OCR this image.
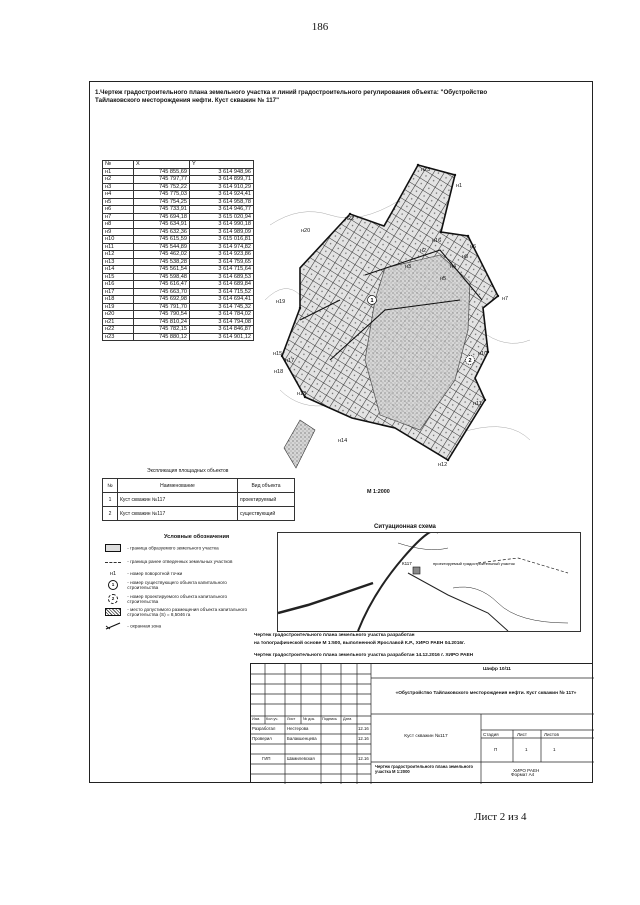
186
1.Чертеж градостроительного плана земельного участка и линий градостроительного регулирования объекта: "Обустройство Тайлаковского месторождения нефти. Куст скважин № 117"
№	X	Y
н1	745 855,69	3 614 948,96
н2	745 797,77	3 614 899,71
н3	745 752,22	3 614 910,29
н4	745 775,03	3 614 924,41
н5	745 754,25	3 614 958,78
н6	745 733,91	3 614 946,77
н7	745 694,18	3 615 020,94
н8	745 634,91	3 614 990,18
н9	745 632,36	3 614 989,09
н10	745 615,59	3 615 016,81
н11	745 544,89	3 614 974,82
н12	745 462,02	3 614 923,86
н13	745 538,28	3 614 759,65
н14	745 561,54	3 614 715,64
н15	745 598,48	3 614 689,53
н16	745 616,47	3 614 689,84
н17	745 663,70	3 614 715,52
н18	745 692,98	3 614 694,41
н19	745 791,70	3 614 745,32
н20	745 790,54	3 614 784,02
н21	745 810,24	3 614 794,08
н22	745 782,15	3 614 846,87
н23	745 880,12	3 614 901,12
н23
н1
н22
н20
н16
н8
н4
н7
н19
н5
н10
н15
н17
н13
н11
н12
н18
н2
н3
н6
н14
1
2
М 1:2000
Экспликация площадных объектов
№	Наименование	Вид объекта
1	Куст скважин №117	проектируемый
2	Куст скважин №117	существующий
Условные обозначения
- граница образуемого земельного участка
- граница ранее отведенных земельных участков
н1 - номер поворотной точки
1	- номер существующего объекта капитального строительства
2	- номер проектируемого объекта капитального строительства
- место допустимого размещения объекта капитального строительства (S) = 8,5046 га
- охранная зона
Ситуационная схема
К117	проектируемый градостроительный участок
Чертеж градостроительного плана земельного участка разработан
на топографической основе М 1:500, выполненной Ярославой К.Р., ХИРО РАЕН 04.2016г.
Чертеж градостроительного плана земельного участка разработан 14.12.2016 г. ХИРО РАЕН
Изм. Кол.уч. Лист № док. Подпись Дата
Разработал	Нестерова	12.16
Проверил	Балакшенцева	12.16
ГИП	Шамилевская	12.16
Шифр 10/11
«Обустройство Тайлаковского месторождения нефти. Куст скважин № 117»
Куст скважин №117	Стадия	Лист	Листов
П	1	1
Чертеж градостроительного плана земельного участка М 1:2000	ХИРО РАЕН
Формат А4
Лист 2 из 4
